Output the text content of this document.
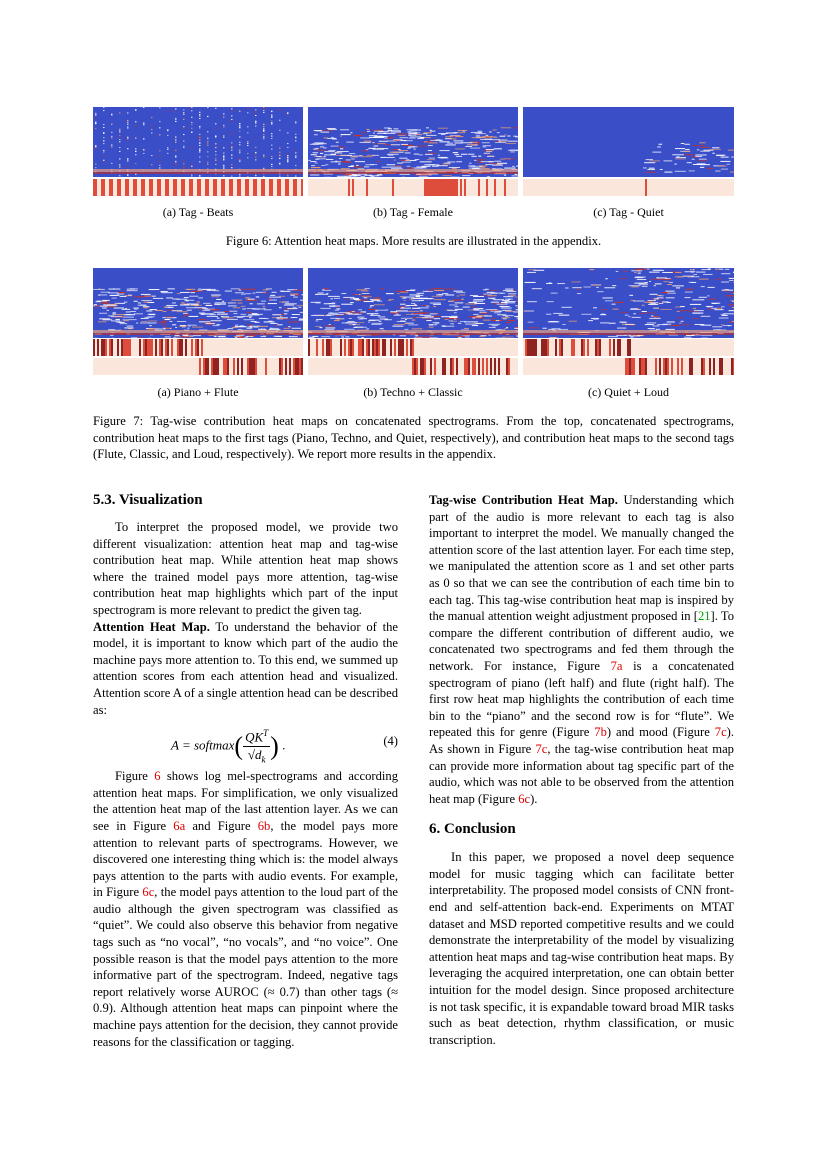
(a) Tag - Beats	(b) Tag - Female	(c) Tag - Quiet
Figure 6: Attention heat maps. More results are illustrated in the appendix.
(a) Piano + Flute	(b) Techno + Classic	(c) Quiet + Loud
Figure 7: Tag-wise contribution heat maps on concatenated spectrograms. From the top, concatenated spectrograms, contribution heat maps to the first tags (Piano, Techno, and Quiet, respectively), and contribution heat maps to the second tags (Flute, Classic, and Loud, respectively). We report more results in the appendix.
5.3. Visualization

To interpret the proposed model, we provide two different visualization: attention heat map and tag-wise contribution heat map. While attention heat map shows where the trained model pays more attention, tag-wise contribution heat map highlights which part of the input spectrogram is more relevant to predict the given tag.

Attention Heat Map. To understand the behavior of the model, it is important to know which part of the audio the machine pays more attention to. To this end, we summed up attention scores from each attention head and visualized. Attention score A of a single attention head can be described as:

A = softmax( $\frac{QK^T}{√d_k}$ ) .	(4)

Figure 6 shows log mel-spectrograms and according attention heat maps. For simplification, we only visualized the attention heat map of the last attention layer. As we can see in Figure 6a and Figure 6b, the model pays more attention to relevant parts of spectrograms. However, we discovered one interesting thing which is: the model always pays attention to the parts with audio events. For example, in Figure 6c, the model pays attention to the loud part of the audio although the given spectrogram was classified as “quiet”. We could also observe this behavior from negative tags such as “no vocal”, “no vocals”, and “no voice”. One possible reason is that the model pays attention to the more informative part of the spectrogram. Indeed, negative tags report relatively worse AUROC (≈ 0.7) than other tags (≈ 0.9). Although attention heat maps can pinpoint where the machine pays attention for the decision, they cannot provide reasons for the classification or tagging.

Tag-wise Contribution Heat Map. Understanding which part of the audio is more relevant to each tag is also important to interpret the model. We manually changed the attention score of the last attention layer. For each time step, we manipulated the attention score as 1 and set other parts as 0 so that we can see the contribution of each time bin to each tag. This tag-wise contribution heat map is inspired by the manual attention weight adjustment proposed in [21]. To compare the different contribution of different audio, we concatenated two spectrograms and fed them through the network. For instance, Figure 7a is a concatenated spectrogram of piano (left half) and flute (right half). The first row heat map highlights the contribution of each time bin to the “piano” and the second row is for “flute”. We repeated this for genre (Figure 7b) and mood (Figure 7c). As shown in Figure 7c, the tag-wise contribution heat map can provide more information about tag specific part of the audio, which was not able to be observed from the attention heat map (Figure 6c).

6. Conclusion

In this paper, we proposed a novel deep sequence model for music tagging which can facilitate better interpretability. The proposed model consists of CNN front-end and self-attention back-end. Experiments on MTAT dataset and MSD reported competitive results and we could demonstrate the interpretability of the model by visualizing attention heat maps and tag-wise contribution heat maps. By leveraging the acquired interpretation, one can obtain better intuition for the model design. Since proposed architecture is not task specific, it is expandable toward broad MIR tasks such as beat detection, rhythm classification, or music transcription.
